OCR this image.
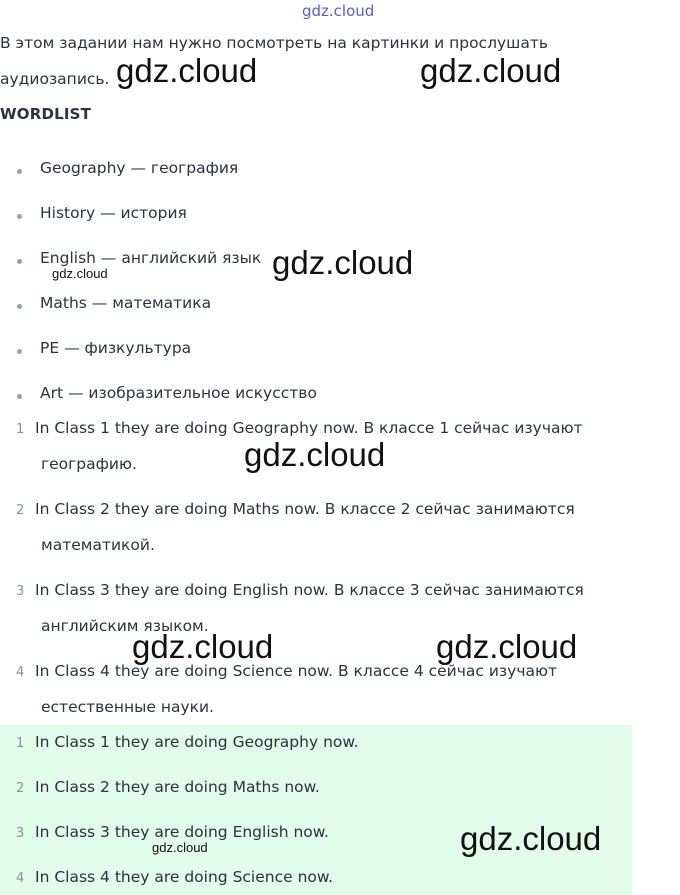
gdz.cloud
В этом задании нам нужно посмотреть на картинки и прослушать
аудиозапись.
WORDLIST
Geography — география
History — история
English — английский язык
Maths — математика
PE — физкультура
Art — изобразительное искусство
1 In Class 1 they are doing Geography now. В классе 1 сейчас изучают
географию.
2 In Class 2 they are doing Maths now. В классе 2 сейчас занимаются
математикой.
3 In Class 3 they are doing English now. В классе 3 сейчас занимаются
английским языком.
4 In Class 4 they are doing Science now. В классе 4 сейчас изучают
естественные науки.
1 In Class 1 they are doing Geography now.
2 In Class 2 they are doing Maths now.
3 In Class 3 they are doing English now.
4 In Class 4 they are doing Science now.
gdz.cloud	gdz.cloud
gdz.cloud
gdz.cloud
gdz.cloud
gdz.cloud	gdz.cloud
gdz.cloud
gdz.cloud
